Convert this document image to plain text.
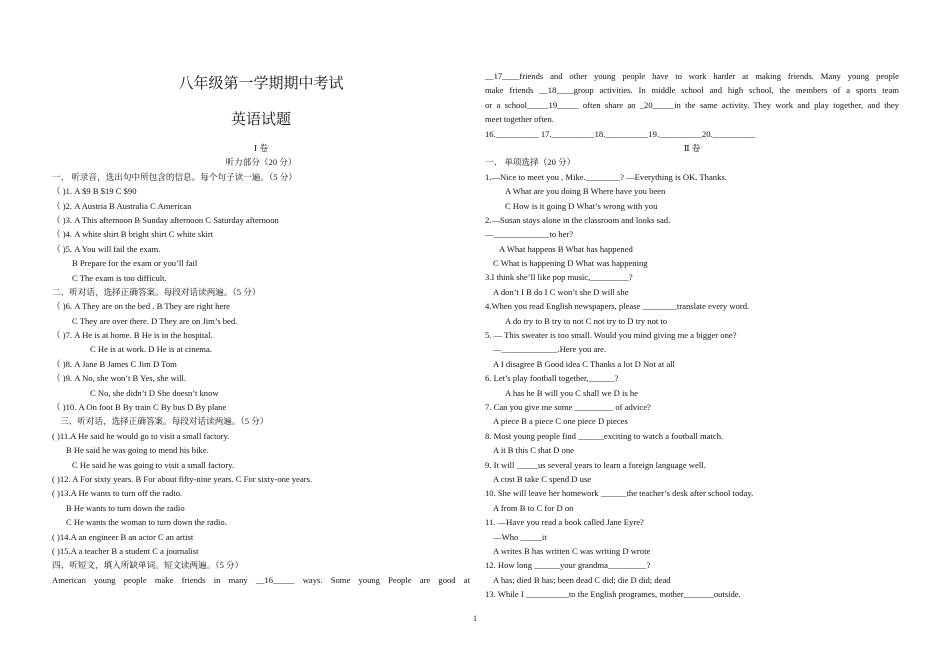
八年级第一学期期中考试
英语试题
Ⅰ 卷
听力部分（20 分）
一、 听录音，选出句中所包含的信息。每个句子读一遍。（5 分）
（ )1. A $9 B $19 C $90
（ )2. A Austria B Australia C American
（ )3. A This afternoon B Sunday afternoon C Saturday afternoon
（ )4. A white shirt B bright shirt C white skirt
（ )5. A You will fail the exam.
B Prepare for the exam or you’ll fail
C The exam is too difficult.
二、听对话，选择正确答案。每段对话读两遍。（5 分）
（ )6. A They are on the bed . B They are right here
C They are over there. D They are on Jim’s bed.
（ )7. A He is at home. B He is in the hospital.
C He is at work. D He is at cinema.
（ )8. A Jane B James C Jim D Tom
（ )9. A No, she won’t B Yes, she will.
C No, she didn’t D She doesn’t know
（ )10. A On foot B By train C By bus D By plane
三、听对话，选择正确答案。每段对话读两遍。（5 分）
( )11.A He said he would go to visit a small factory.
B He said he was going to mend his bike.
C He said he was going to visit a small factory.
( )12. A For sixty years. B For about fifty-nine years. C For sixty-one years.
( )13.A He wants to turn off the radio.
B He wants to turn down the radio
C He wants the woman to turn down the radio.
( )14.A an engineer B an actor C an artist
( )15.A a teacher B a student C a journalist
四、听短文，填入所缺单词。短文读两遍。（5 分）
American young people make friends in many __16_____ ways. Some young People are good at
__17____friends and other young people have to work harder at making friends. Many young people
make friends __18____group activities. In middle school and high school, the members of a sports team
or a school_____19_____ often share an _20_____in the same activity. They work and play together, and they
meet together often.
16.__________ 17.__________18.__________19.__________20.__________
Ⅱ 卷
一、 单项选择（20 分）
1.—Nice to meet you , Mike.________? —Everything is OK. Thanks.
A What are you doing B Where have you been
C How is it going D What’s wrong with you
2.—Susan stays alone in the classroom and looks sad.
—_____________to her?
A What happens B What has happened
C What is happening D What was happening
3.I think she’ll like pop music,_________?
A don’t I B do I C won’t she D will she
4.When you read English newspapers, please ________translate every word.
A do try to B try to not C not try to D try not to
5. — This sweater is too small. Would you mind giving me a bigger one?
—_____________.Here you are.
A I disagree B Good idea C Thanks a lot D Not at all
6. Let’s play football together,______?
A has he B will you C shall we D is he
7. Can you give me some _________ of advice?
A piece B a piece C one piece D pieces
8. Most young people find ______exciting to watch a football match.
A it B this C that D one
9. It will _____us several years to learn a foreign language well.
A cost B take C spend D use
10. She will leave her homework ______the teacher’s desk after school today.
A from B to C for D on
11. —Have you read a book called Jane Eyre?
—Who _____it
A writes B has written C was writing D wrote
12. How long ______your grandma_________?
A has; died B has; been dead C did; die D did; dead
13. While I __________to the English programes, mother_______outside.
1
